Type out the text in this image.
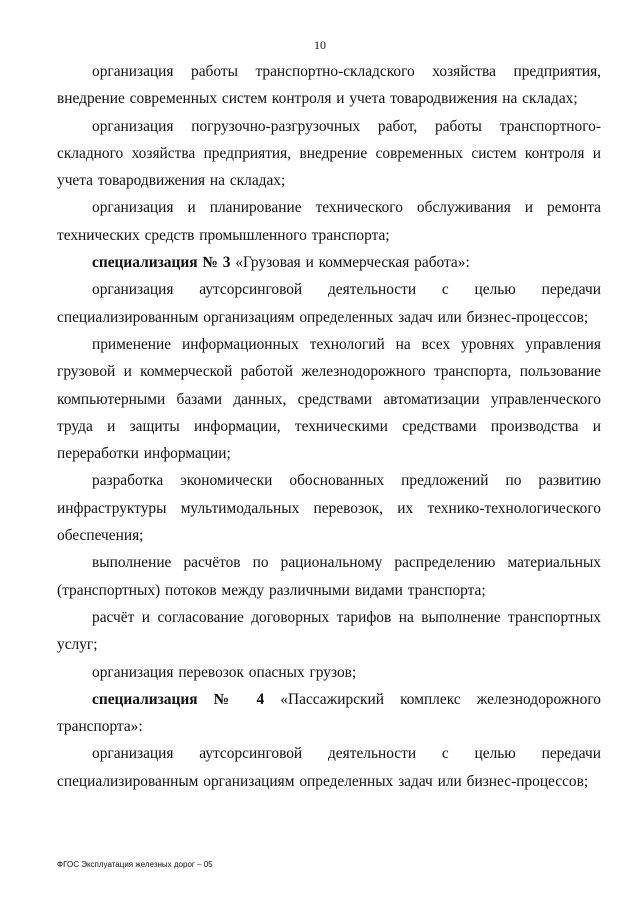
10

организация работы транспортно-складского хозяйства предприятия, внедрение современных систем контроля и учета товародвижения на складах;

организация погрузочно-разгрузочных работ, работы транспортного-складного хозяйства предприятия, внедрение современных систем контроля и учета товародвижения на складах;

организация и планирование технического обслуживания и ремонта технических средств промышленного транспорта;

специализация № 3 «Грузовая и коммерческая работа»:

организация аутсорсинговой деятельности с целью передачи специализированным организациям определенных задач или бизнес-процессов;

применение информационных технологий на всех уровнях управления грузовой и коммерческой работой железнодорожного транспорта, пользование компьютерными базами данных, средствами автоматизации управленческого труда и защиты информации, техническими средствами производства и переработки информации;

разработка экономически обоснованных предложений по развитию инфраструктуры мультимодальных перевозок, их технико-технологического обеспечения;

выполнение расчётов по рациональному распределению материальных (транспортных) потоков между различными видами транспорта;

расчёт и согласование договорных тарифов на выполнение транспортных услуг;

организация перевозок опасных грузов;

специализация № 4 «Пассажирский комплекс железнодорожного транспорта»:

организация аутсорсинговой деятельности с целью передачи специализированным организациям определенных задач или бизнес-процессов;

ФГОС Эксплуатация железных дорог – 05
